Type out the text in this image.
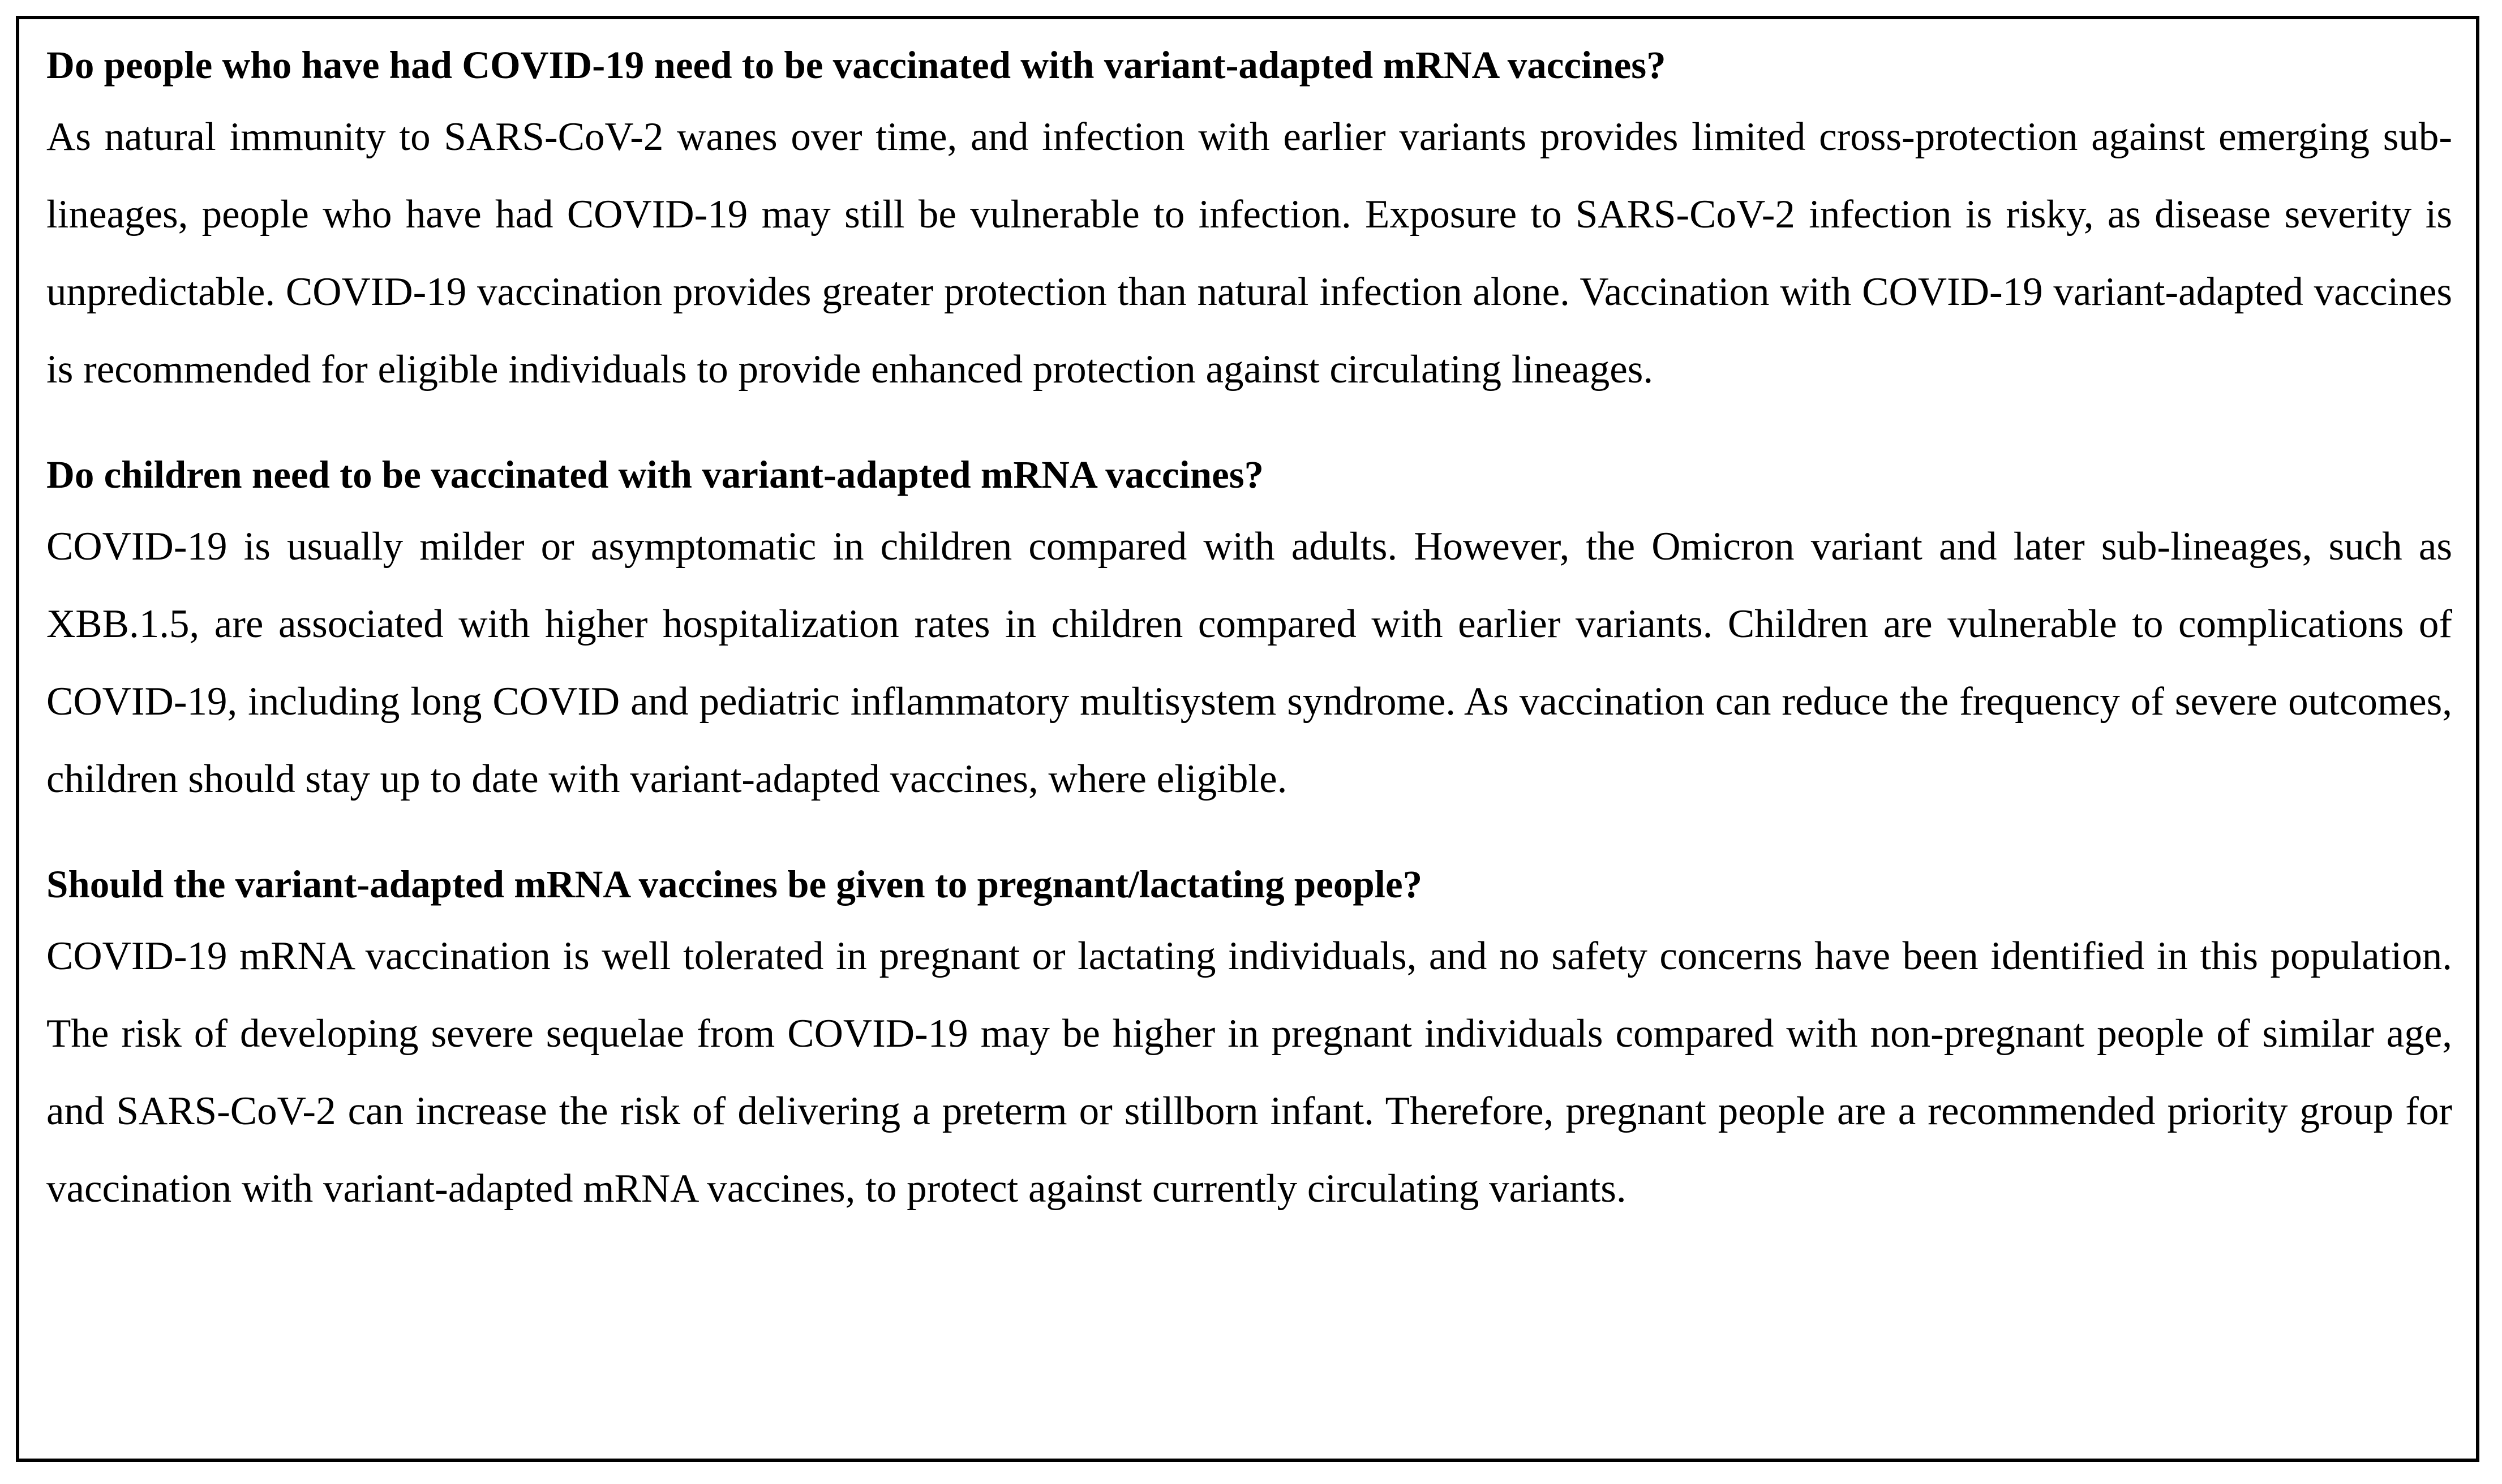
Do people who have had COVID-19 need to be vaccinated with variant-adapted mRNA vaccines?

As natural immunity to SARS-CoV-2 wanes over time, and infection with earlier variants provides limited cross-protection against emerging sub-lineages, people who have had COVID-19 may still be vulnerable to infection. Exposure to SARS-CoV-2 infection is risky, as disease severity is unpredictable. COVID-19 vaccination provides greater protection than natural infection alone. Vaccination with COVID-19 variant-adapted vaccines is recommended for eligible individuals to provide enhanced protection against circulating lineages.

Do children need to be vaccinated with variant-adapted mRNA vaccines?

COVID-19 is usually milder or asymptomatic in children compared with adults. However, the Omicron variant and later sub-lineages, such as XBB.1.5, are associated with higher hospitalization rates in children compared with earlier variants. Children are vulnerable to complications of COVID-19, including long COVID and pediatric inflammatory multisystem syndrome. As vaccination can reduce the frequency of severe outcomes, children should stay up to date with variant-adapted vaccines, where eligible.

Should the variant-adapted mRNA vaccines be given to pregnant/lactating people?

COVID-19 mRNA vaccination is well tolerated in pregnant or lactating individuals, and no safety concerns have been identified in this population. The risk of developing severe sequelae from COVID-19 may be higher in pregnant individuals compared with non-pregnant people of similar age, and SARS-CoV-2 can increase the risk of delivering a preterm or stillborn infant. Therefore, pregnant people are a recommended priority group for vaccination with variant-adapted mRNA vaccines, to protect against currently circulating variants.
